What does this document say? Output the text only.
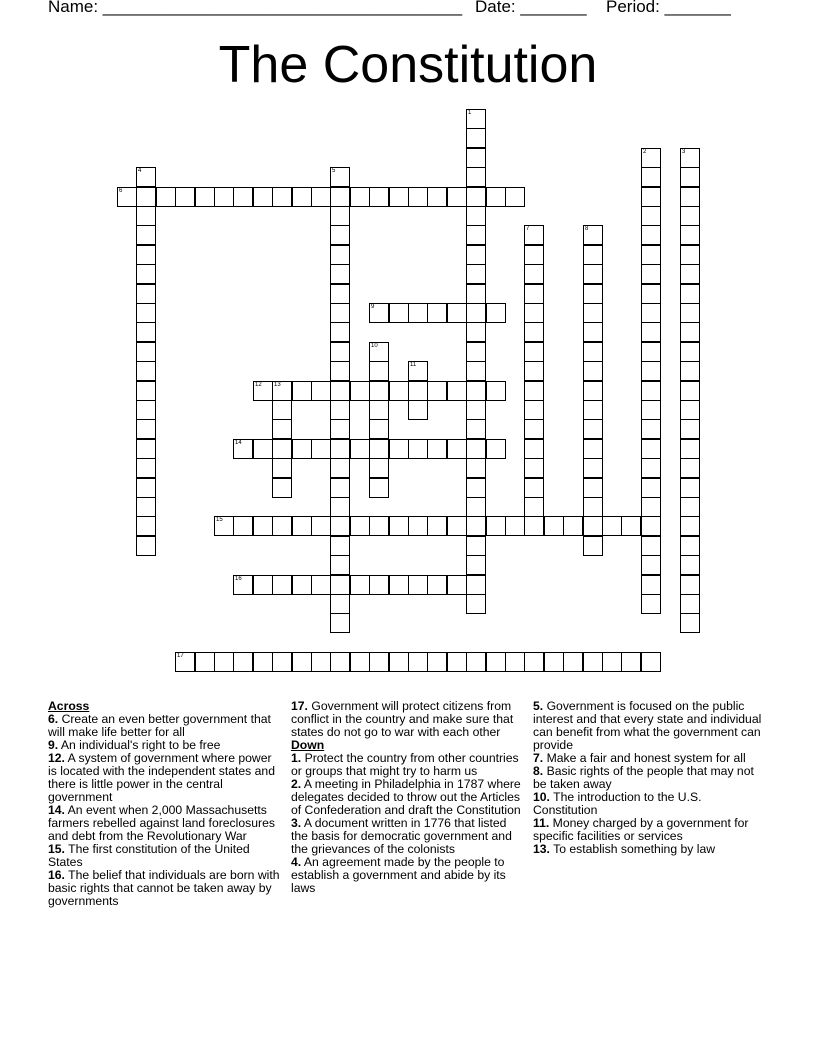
Name: ______________________________________ Date: _______ Period: _______
The Constitution
1
2	3
4	5
6
7	8
9
10
11
12 13
14
15
16
17
Across
6. Create an even better government that will make life better for all
9. An individual's right to be free
12. A system of government where power is located with the independent states and there is little power in the central government
14. An event when 2,000 Massachusetts farmers rebelled against land foreclosures and debt from the Revolutionary War
15. The first constitution of the United States
16. The belief that individuals are born with basic rights that cannot be taken away by governments
17. Government will protect citizens from conflict in the country and make sure that states do not go to war with each other
Down
1. Protect the country from other countries or groups that might try to harm us
2. A meeting in Philadelphia in 1787 where delegates decided to throw out the Articles of Confederation and draft the Constitution
3. A document written in 1776 that listed the basis for democratic government and the grievances of the colonists
4. An agreement made by the people to establish a government and abide by its laws
5. Government is focused on the public interest and that every state and individual can benefit from what the government can provide
7. Make a fair and honest system for all
8. Basic rights of the people that may not be taken away
10. The introduction to the U.S. Constitution
11. Money charged by a government for specific facilities or services
13. To establish something by law
